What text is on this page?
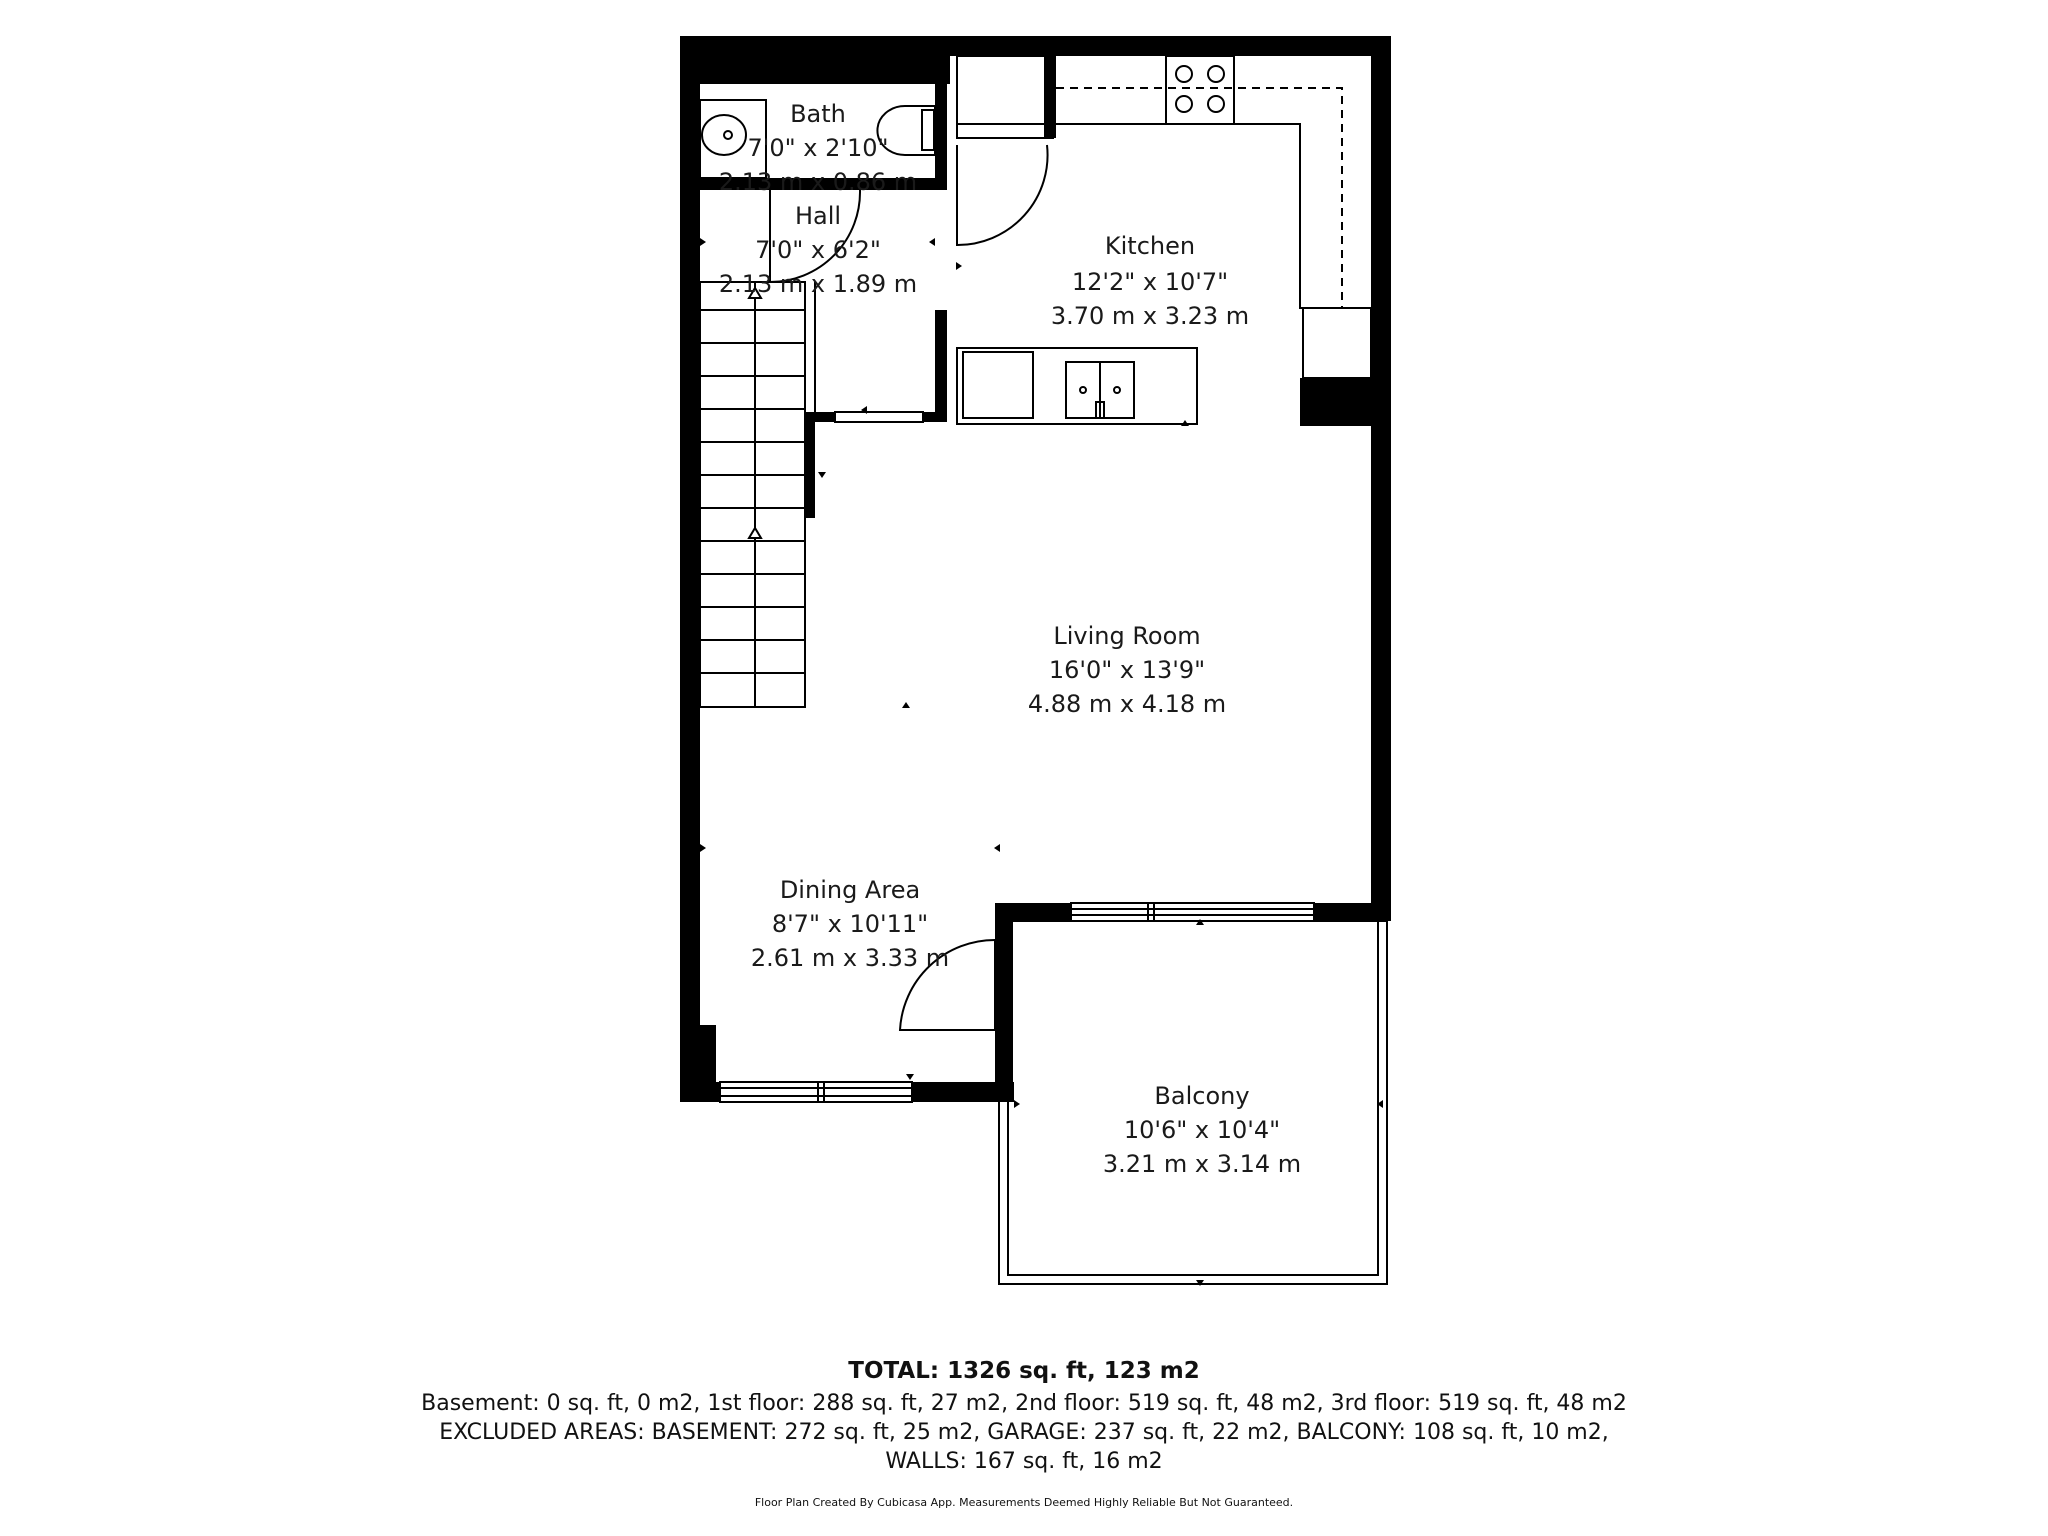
Bath
7'0" x 2'10"
2.13 m x 0.86 m
Hall
7'0" x 6'2"
2.13 m x 1.89 m
Kitchen
12'2" x 10'7"
3.70 m x 3.23 m
Living Room
16'0" x 13'9"
4.88 m x 4.18 m
Dining Area
8'7" x 10'11"
2.61 m x 3.33 m
Balcony
10'6" x 10'4"
3.21 m x 3.14 m
TOTAL: 1326 sq. ft, 123 m2
Basement: 0 sq. ft, 0 m2, 1st floor: 288 sq. ft, 27 m2, 2nd floor: 519 sq. ft, 48 m2, 3rd floor: 519 sq. ft, 48 m2
EXCLUDED AREAS: BASEMENT: 272 sq. ft, 25 m2, GARAGE: 237 sq. ft, 22 m2, BALCONY: 108 sq. ft, 10 m2,
WALLS: 167 sq. ft, 16 m2
Floor Plan Created By Cubicasa App. Measurements Deemed Highly Reliable But Not Guaranteed.
